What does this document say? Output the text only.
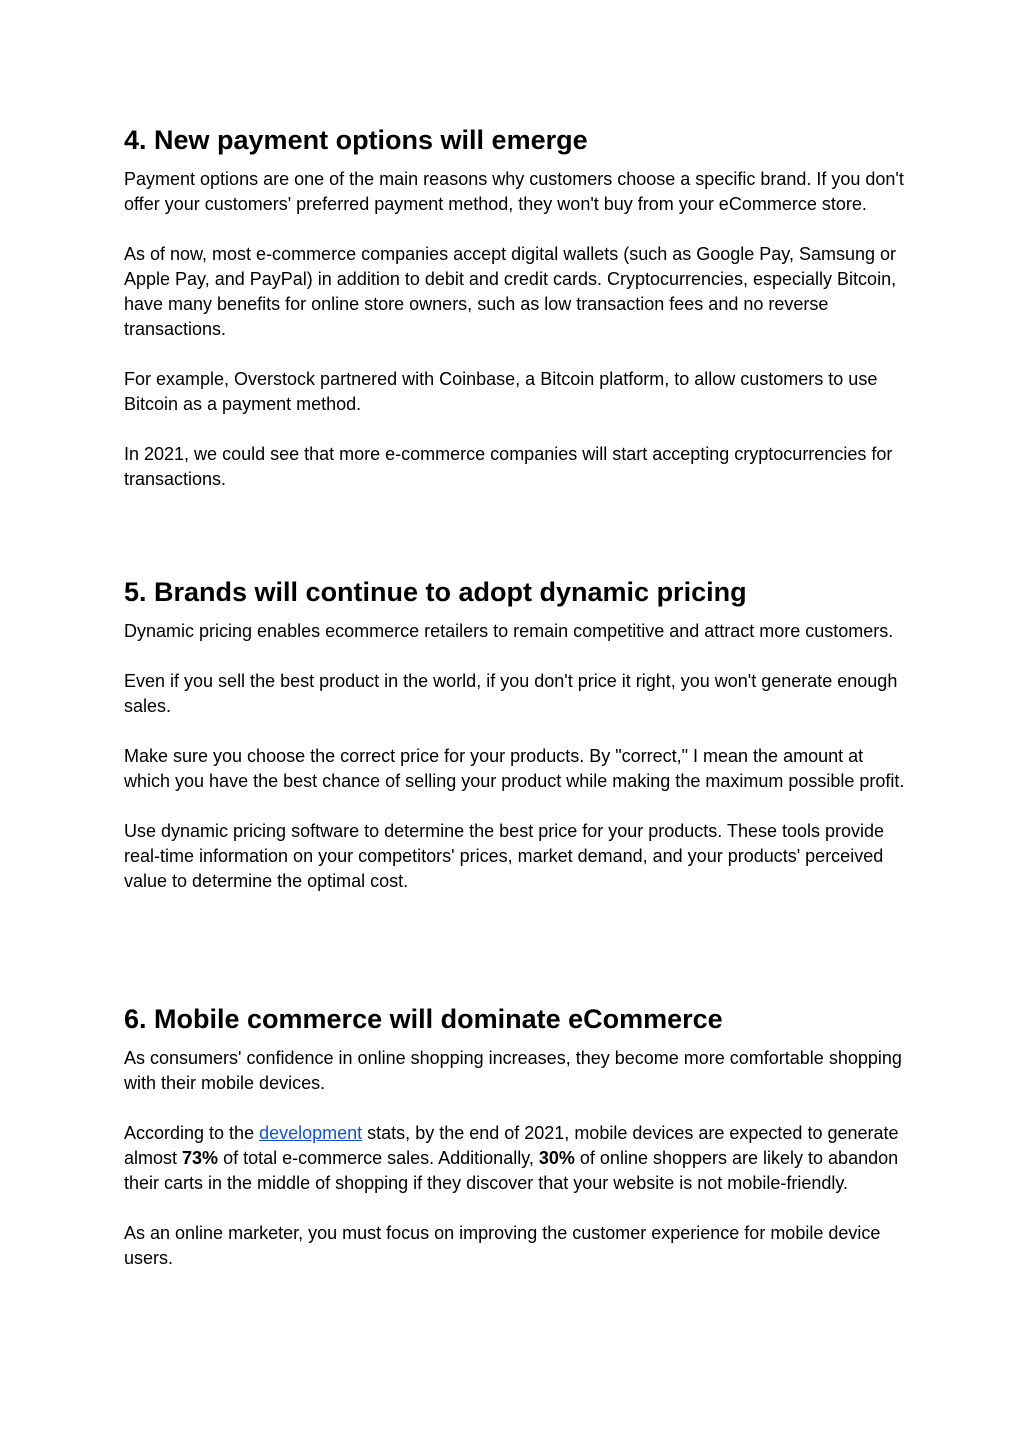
4. New payment options will emerge

Payment options are one of the main reasons why customers choose a specific brand. If you don't offer your customers' preferred payment method, they won't buy from your eCommerce store.

As of now, most e-commerce companies accept digital wallets (such as Google Pay, Samsung or Apple Pay, and PayPal) in addition to debit and credit cards. Cryptocurrencies, especially Bitcoin, have many benefits for online store owners, such as low transaction fees and no reverse transactions.

For example, Overstock partnered with Coinbase, a Bitcoin platform, to allow customers to use Bitcoin as a payment method.

In 2021, we could see that more e-commerce companies will start accepting cryptocurrencies for transactions.

5. Brands will continue to adopt dynamic pricing

Dynamic pricing enables ecommerce retailers to remain competitive and attract more customers.

Even if you sell the best product in the world, if you don't price it right, you won't generate enough sales.

Make sure you choose the correct price for your products. By "correct," I mean the amount at which you have the best chance of selling your product while making the maximum possible profit.

Use dynamic pricing software to determine the best price for your products. These tools provide real-time information on your competitors' prices, market demand, and your products' perceived value to determine the optimal cost.

6. Mobile commerce will dominate eCommerce

As consumers' confidence in online shopping increases, they become more comfortable shopping with their mobile devices.

According to the development stats, by the end of 2021, mobile devices are expected to generate almost 73% of total e-commerce sales. Additionally, 30% of online shoppers are likely to abandon their carts in the middle of shopping if they discover that your website is not mobile-friendly.

As an online marketer, you must focus on improving the customer experience for mobile device users.
